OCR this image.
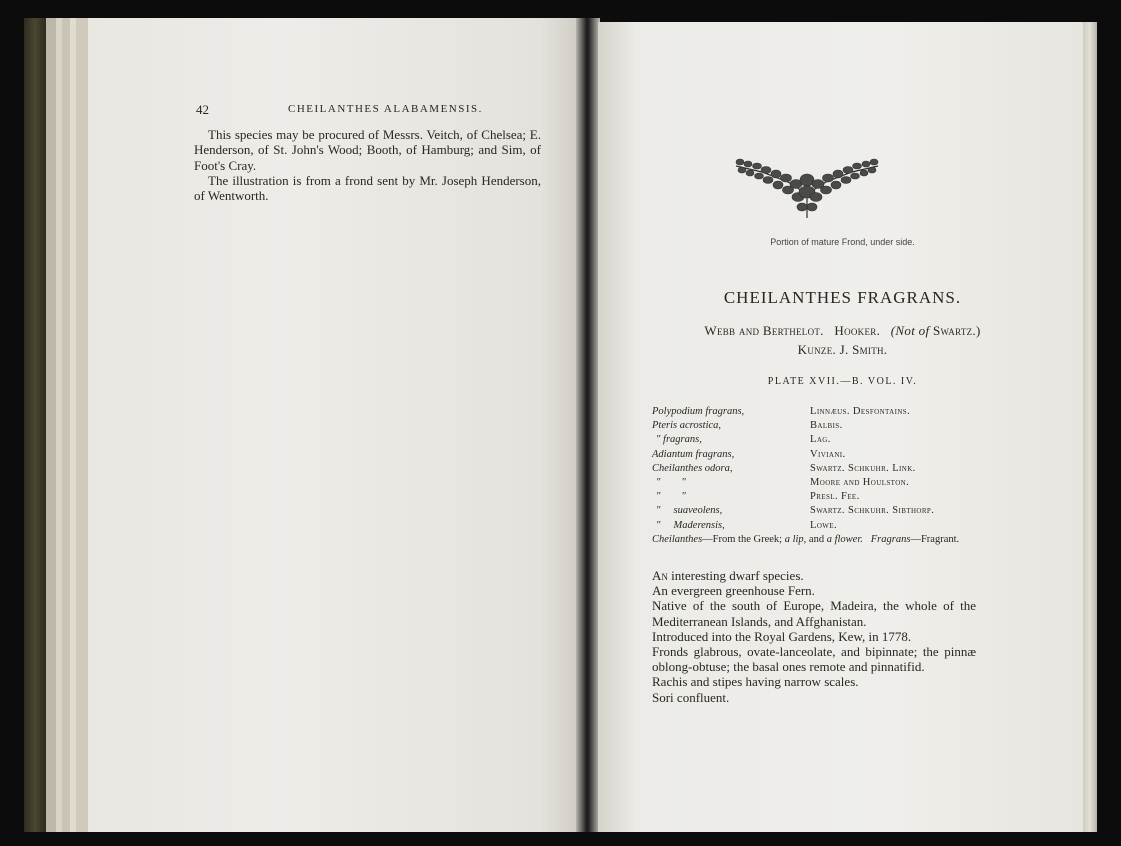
42	CHEILANTHES ALABAMENSIS.

This species may be procured of Messrs. Veitch, of Chelsea; E. Henderson, of St. John's Wood; Booth, of Hamburg; and Sim, of Foot's Cray.

The illustration is from a frond sent by Mr. Joseph Henderson, of Wentworth.

Portion of mature Frond, under side.
CHEILANTHES FRAGRANS.
Webb and Berthelot. Hooker. (Not of Swartz.)
Kunze. J. Smith.
PLATE XVII.—B. VOL. IV.
Polypodium fragrans,	Linnæus. Desfontains.
Pteris acrostica,	Balbis.
" fragrans,	Lag.
Adiantum fragrans,	Viviani.
Cheilanthes odora,	Swartz. Schkuhr. Link.
"        "	Moore and Houlston.
"        "	Presl. Fee.
"     suaveolens,	Swartz. Schkuhr. Sibthorp.
"     Maderensis,	Lowe.
Cheilanthes—From the Greek; a lip, and a flower. Fragrans—Fragrant.

An interesting dwarf species.

An evergreen greenhouse Fern.

Native of the south of Europe, Madeira, the whole of the Mediterranean Islands, and Affghanistan.

Introduced into the Royal Gardens, Kew, in 1778.

Fronds glabrous, ovate-lanceolate, and bipinnate; the pinnæ oblong-obtuse; the basal ones remote and pinnatifid.

Rachis and stipes having narrow scales.

Sori confluent.
